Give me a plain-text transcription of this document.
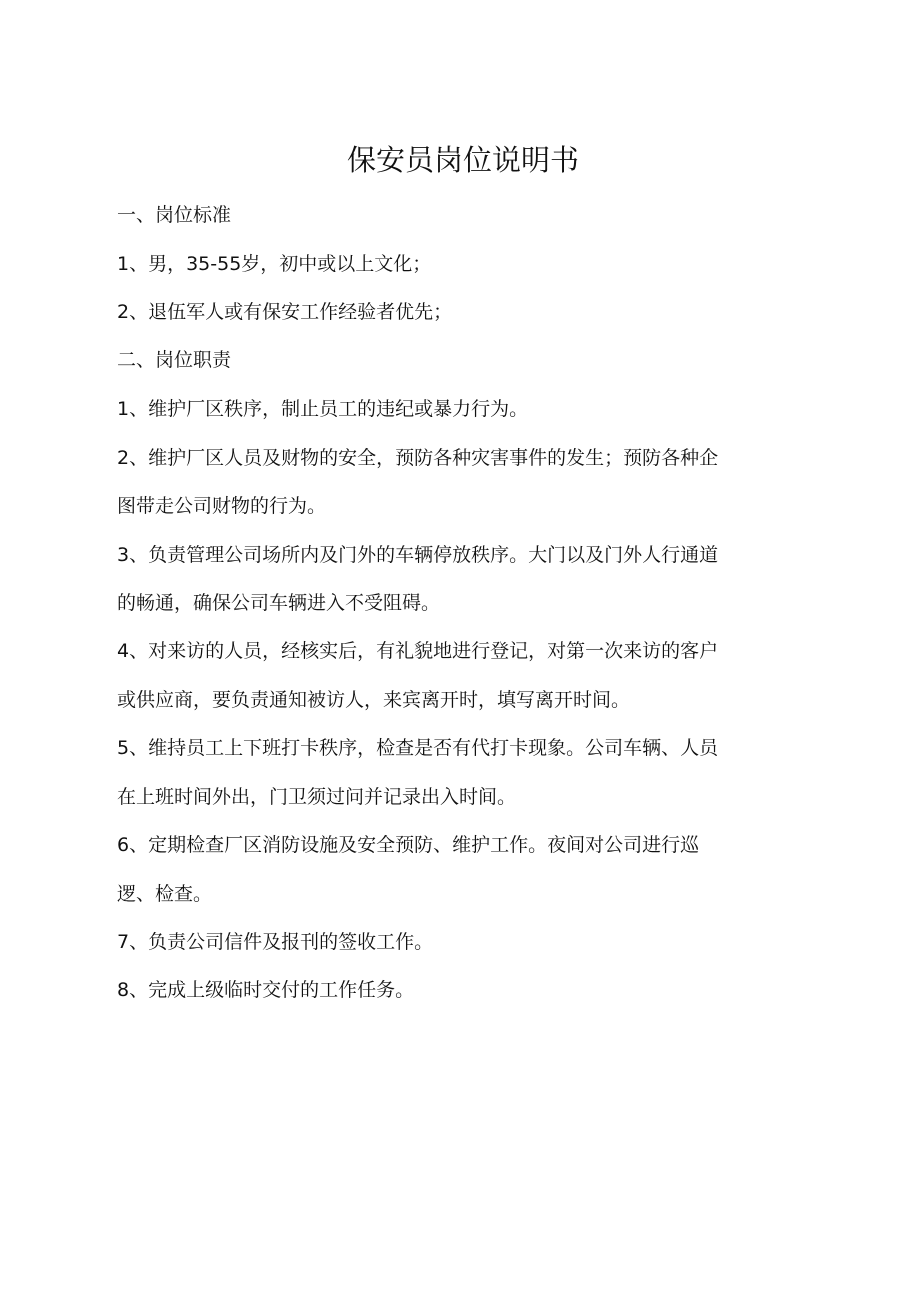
保安员岗位说明书

一、岗位标准

1、男，35-55岁，初中或以上文化；

2、退伍军人或有保安工作经验者优先；

二、岗位职责

1、维护厂区秩序，制止员工的违纪或暴力行为。

2、维护厂区人员及财物的安全，预防各种灾害事件的发生；预防各种企

图带走公司财物的行为。

3、负责管理公司场所内及门外的车辆停放秩序。大门以及门外人行通道

的畅通，确保公司车辆进入不受阻碍。

4、对来访的人员，经核实后，有礼貌地进行登记，对第一次来访的客户

或供应商，要负责通知被访人，来宾离开时，填写离开时间。

5、维持员工上下班打卡秩序，检查是否有代打卡现象。公司车辆、人员

在上班时间外出，门卫须过问并记录出入时间。

6、定期检查厂区消防设施及安全预防、维护工作。夜间对公司进行巡

逻、检查。

7、负责公司信件及报刊的签收工作。

8、完成上级临时交付的工作任务。
